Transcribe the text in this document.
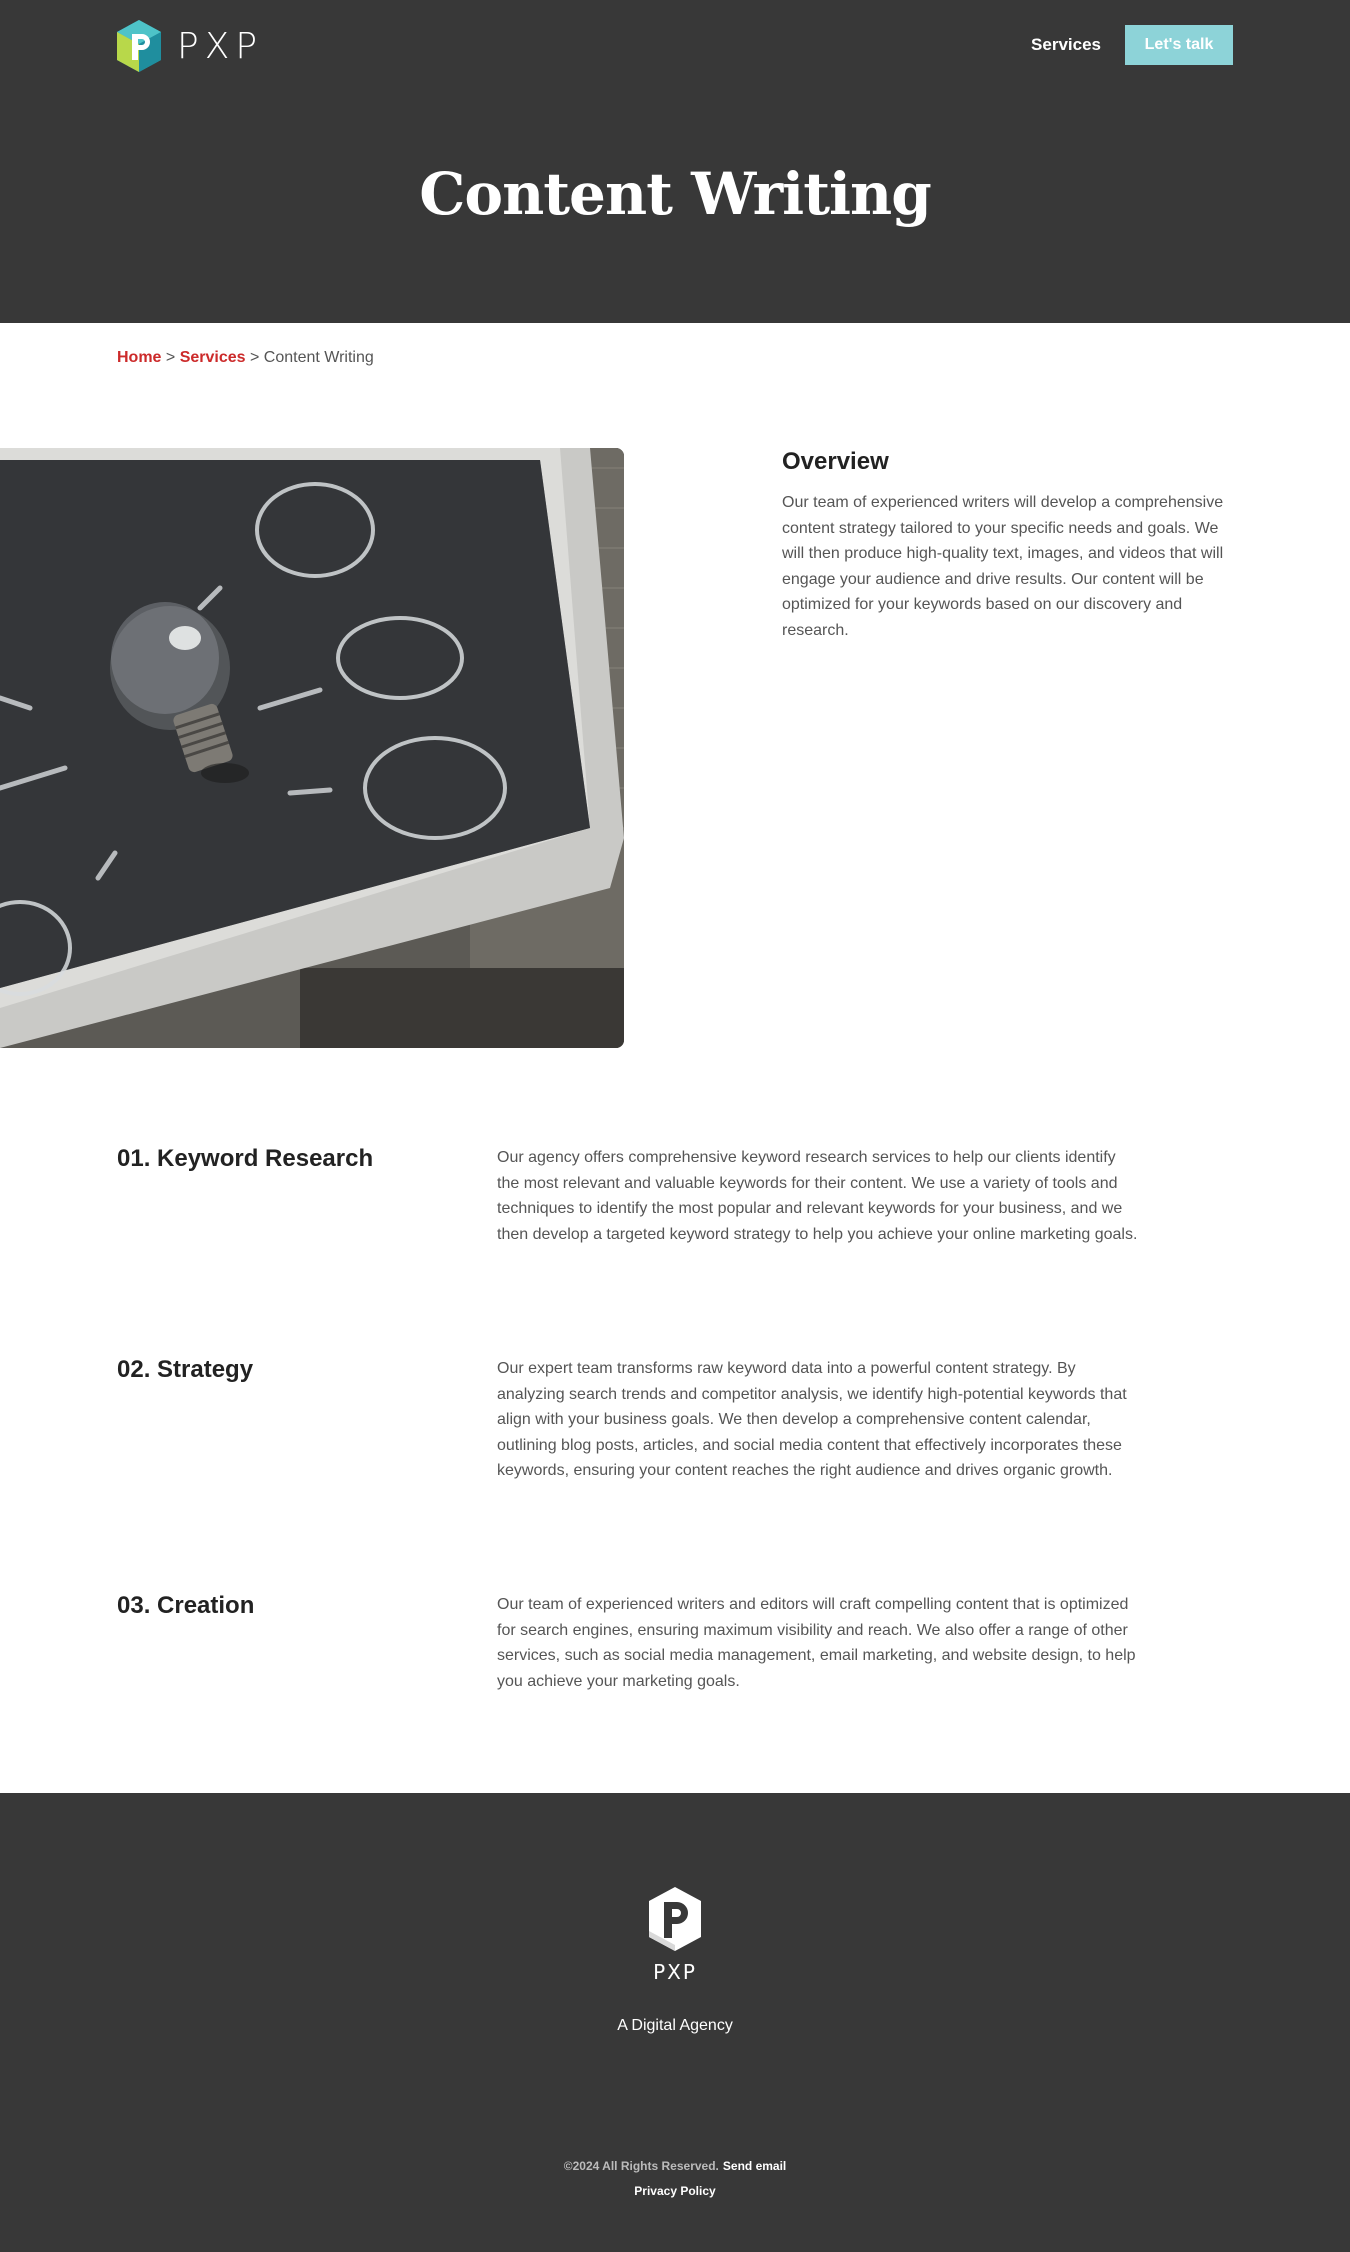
PXP	Services	Let's talk
Content Writing
Home > Services > Content Writing
Overview

Our team of experienced writers will develop a comprehensive content strategy tailored to your specific needs and goals. We will then produce high-quality text, images, and videos that will engage your audience and drive results. Our content will be optimized for your keywords based on our discovery and research.

01. Keyword Research	Our agency offers comprehensive keyword research services to help our clients identify the most relevant and valuable keywords for their content. We use a variety of tools and techniques to identify the most popular and relevant keywords for your business, and we then develop a targeted keyword strategy to help you achieve your online marketing goals.

02. Strategy	Our expert team transforms raw keyword data into a powerful content strategy. By analyzing search trends and competitor analysis, we identify high-potential keywords that align with your business goals. We then develop a comprehensive content calendar, outlining blog posts, articles, and social media content that effectively incorporates these keywords, ensuring your content reaches the right audience and drives organic growth.

03. Creation	Our team of experienced writers and editors will craft compelling content that is optimized for search engines, ensuring maximum visibility and reach. We also offer a range of other services, such as social media management, email marketing, and website design, to help you achieve your marketing goals.

PXP
A Digital Agency
©2024 All Rights Reserved. Send email
Privacy Policy
